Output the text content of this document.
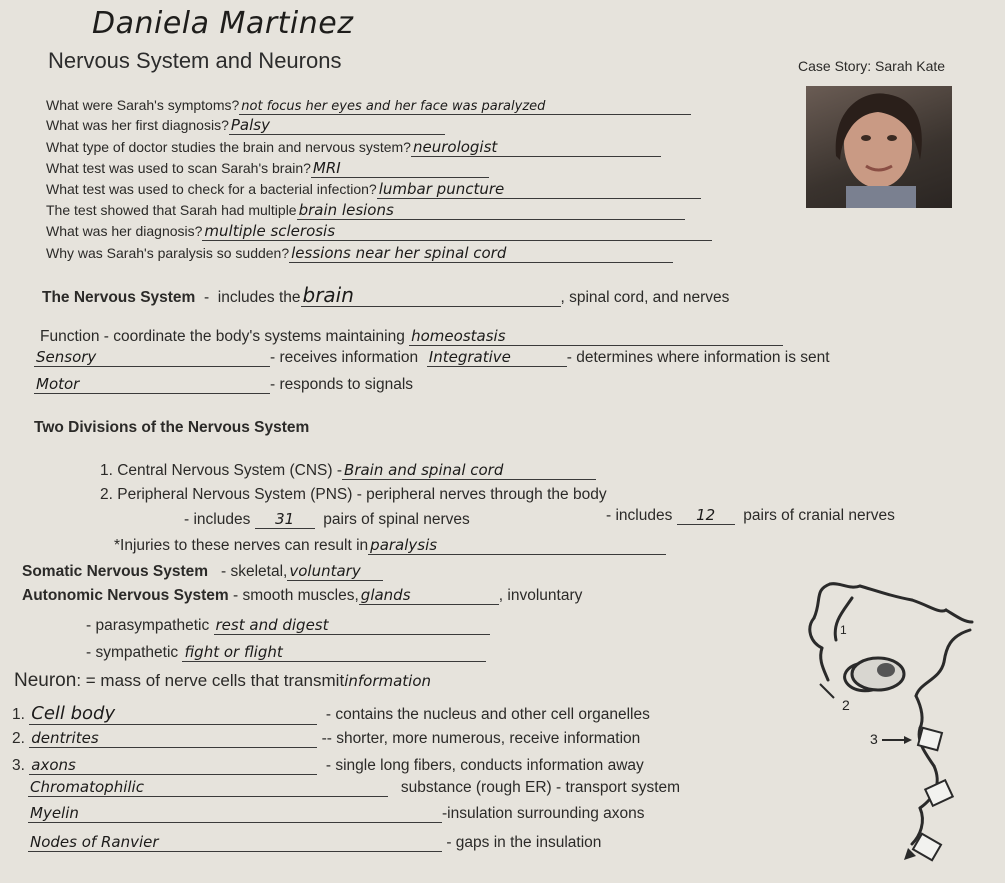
Daniela Martinez
Nervous System and Neurons	Case Story: Sarah Kate
What were Sarah's symptoms? not focus her eyes and her face was paralyzed
What was her first diagnosis? Palsy
What type of doctor studies the brain and nervous system? neurologist
What test was used to scan Sarah's brain? MRI
What test was used to check for a bacterial infection? lumbar puncture
The test showed that Sarah had multiple brain lesions
What was her diagnosis? multiple sclerosis
Why was Sarah's paralysis so sudden? lessions near her spinal cord
The Nervous System - includes the brain	, spinal cord, and nerves
Function - coordinate the body's systems maintaining homeostasis
Sensory	- receives information Integrative	- determines where information is sent
Motor	- responds to signals
Two Divisions of the Nervous System
1. Central Nervous System (CNS) - Brain and spinal cord
2. Peripheral Nervous System (PNS) - peripheral nerves through the body
- includes 31 pairs of spinal nerves	- includes 12 pairs of cranial nerves
*Injuries to these nerves can result in paralysis
Somatic Nervous System - skeletal, voluntary
Autonomic Nervous System - smooth muscles, glands	, involuntary
- parasympathetic rest and digest
- sympathetic fight or flight
Neuron: = mass of nerve cells that transmitinformation
1. Cell body	- contains the nucleus and other cell organelles
2. dentrites	-- shorter, more numerous, receive information
3. axons	- single long fibers, conducts information away
Chromatophilic	substance (rough ER) - transport system
Myelin	-insulation surrounding axons
Nodes of Ranvier	- gaps in the insulation
2
1
3
